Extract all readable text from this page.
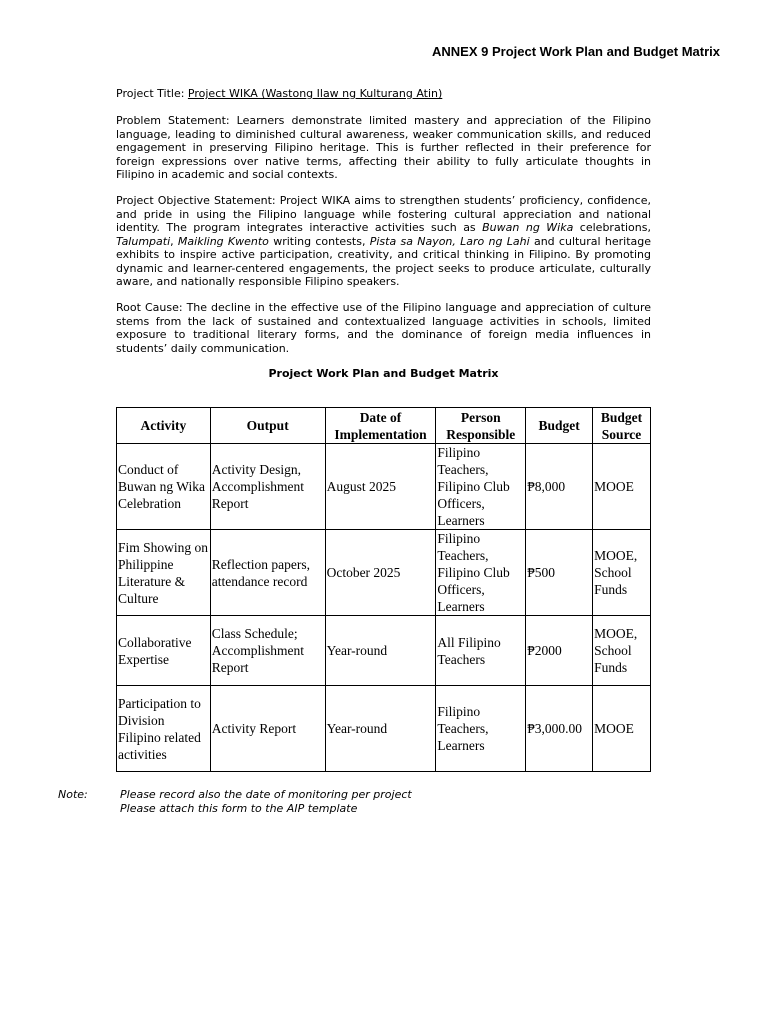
ANNEX 9 Project Work Plan and Budget Matrix
Project Title: Project WIKA (Wastong Ilaw ng Kulturang Atin)
Problem Statement: Learners demonstrate limited mastery and appreciation of the Filipino language, leading to diminished cultural awareness, weaker communication skills, and reduced engagement in preserving Filipino heritage. This is further reflected in their preference for foreign expressions over native terms, affecting their ability to fully articulate thoughts in Filipino in academic and social contexts.
Project Objective Statement: Project WIKA aims to strengthen students’ proficiency, confidence, and pride in using the Filipino language while fostering cultural appreciation and national identity. The program integrates interactive activities such as Buwan ng Wika celebrations, Talumpati, Maikling Kwento writing contests, Pista sa Nayon, Laro ng Lahi and cultural heritage exhibits to inspire active participation, creativity, and critical thinking in Filipino. By promoting dynamic and learner-centered engagements, the project seeks to produce articulate, culturally aware, and nationally responsible Filipino speakers.
Root Cause: The decline in the effective use of the Filipino language and appreciation of culture stems from the lack of sustained and contextualized language activities in schools, limited exposure to traditional literary forms, and the dominance of foreign media influences in students’ daily communication.
Project Work Plan and Budget Matrix
Activity	Output	Date of Implementation	Person Responsible	Budget	Budget Source
Conduct of Buwan ng Wika Celebration	Activity Design, Accomplishment Report	August 2025	Filipino Teachers, Filipino Club Officers, Learners	₱8,000	MOOE
Fim Showing on Philippine Literature & Culture	Reflection papers, attendance record	October 2025	Filipino Teachers, Filipino Club Officers, Learners	₱500	MOOE, School Funds
Collaborative Expertise	Class Schedule; Accomplishment Report	Year-round	All Filipino Teachers	₱2000	MOOE, School Funds
Participation to Division Filipino related activities	Activity Report	Year-round	Filipino Teachers, Learners	₱3,000.00	MOOE
Note:	Please record also the date of monitoring per project
Please attach this form to the AIP template
